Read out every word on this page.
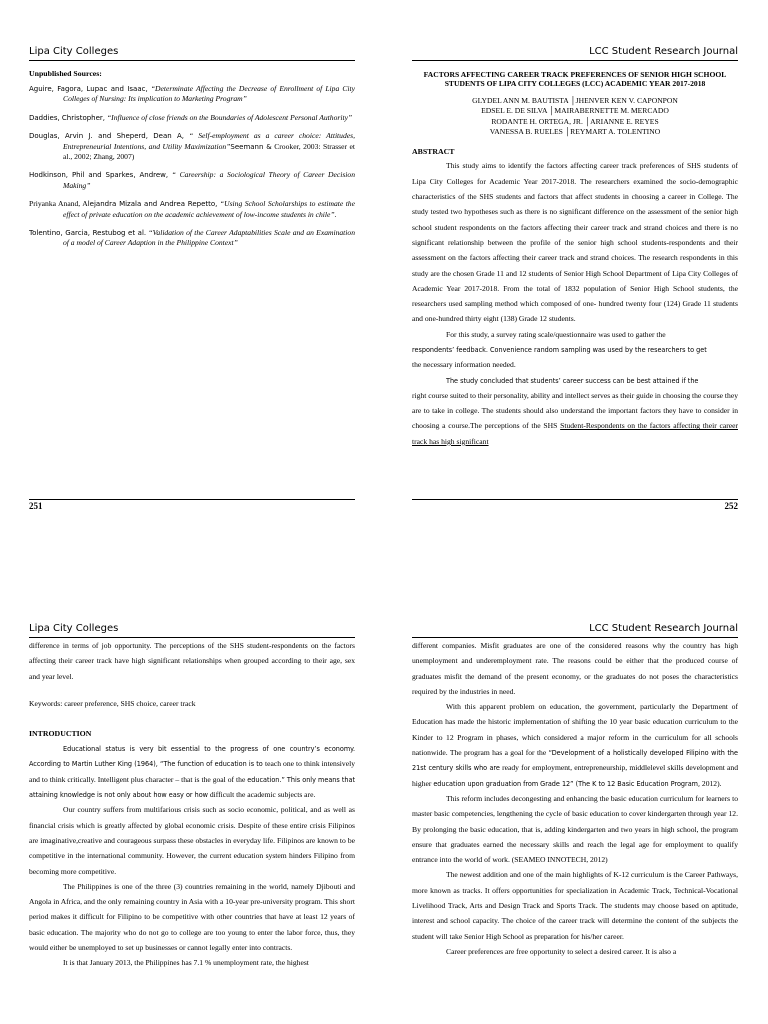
Lipa City Colleges
Unpublished Sources:
Aguire, Fagora, Lupac and Isaac, “Determinate Affecting the Decrease of Enrollment of Lipa City Colleges of Nursing: Its implication to Marketing Program”
Daddies, Christopher, “Influence of close friends on the Boundaries of Adolescent Personal Authority”
Douglas, Arvin J. and Sheperd, Dean A, “ Self-employment as a career choice: Attitudes, Entrepreneurial Intentions, and Utility Maximization”Seemann & Crooker, 2003: Strasser et al., 2002; Zhang, 2007)
Hodkinson, Phil and Sparkes, Andrew, “ Careership: a Sociological Theory of Career Decision Making”
Priyanka Anand, Alejandra Mizala and Andrea Repetto, “Using School Scholarships to estimate the effect of private education on the academic achievement of low-income students in chile”.
Tolentino, Garcia, Restubog et al. “Validation of the Career Adaptabilities Scale and an Examination of a model of Career Adaption in the Philippine Context”
251
LCC Student Research Journal
FACTORS AFFECTING CAREER TRACK PREFERENCES OF SENIOR HIGH SCHOOL STUDENTS OF LIPA CITY COLLEGES (LCC) ACADEMIC YEAR 2017-2018
GLYDEL ANN M. BAUTISTA │JHENVER KEN V. CAPONPON
EDSEL E. DE SILVA │MAIRABERNETTE M. MERCADO
RODANTE H. ORTEGA, JR. │ARIANNE E. REYES
VANESSA B. RUELES │REYMART A. TOLENTINO
ABSTRACT

This study aims to identify the factors affecting career track preferences of SHS students of Lipa City Colleges for Academic Year 2017-2018. The researchers examined the socio-demographic characteristics of the SHS students and factors that affect students in choosing a career in College. The study tested two hypotheses such as there is no significant difference on the assessment of the senior high school student respondents on the factors affecting their career track and strand choices and there is no significant relationship between the profile of the senior high school students-respondents and their assessment on the factors affecting their career track and strand choices. The research respondents in this study are the chosen Grade 11 and 12 students of Senior High School Department of Lipa City Colleges of Academic Year 2017-2018. From the total of 1832 population of Senior High School students, the researchers used sampling method which composed of one- hundred twenty four (124) Grade 11 students and one-hundred thirty eight (138) Grade 12 students.

For this study, a survey rating scale/questionnaire was used to gather the

respondents’ feedback. Convenience random sampling was used by the researchers to get

the necessary information needed.

The study concluded that students’ career success can be best attained if the

right course suited to their personality, ability and intellect serves as their guide in choosing the course they are to take in college. The students should also understand the important factors they have to consider in choosing a course.The perceptions of the SHS Student-Respondents on the factors affecting their career track has high significant

252
Lipa City Colleges

difference in terms of job opportunity. The perceptions of the SHS student-respondents on the factors affecting their career track have high significant relationships when grouped according to their age, sex and year level.

Keywords: career preference, SHS choice, career track

INTRODUCTION

Educational status is very bit essential to the progress of one country’s economy. According to Martin Luther King (1964), “The function of education is to teach one to think intensively and to think critically. Intelligent plus character – that is the goal of the education.” This only means that attaining knowledge is not only about how easy or how difficult the academic subjects are.

Our country suffers from multifarious crisis such as socio economic, political, and as well as financial crisis which is greatly affected by global economic crisis. Despite of these entire crisis Filipinos are imaginative,creative and courageous surpass these obstacles in everyday life. Filipinos are known to be competitive in the international community. However, the current education system hinders Filipino from becoming more competitive.

The Philippines is one of the three (3) countries remaining in the world, namely Djibouti and Angola in Africa, and the only remaining country in Asia with a 10-year pre-university program. This short period makes it difficult for Filipino to be competitive with other countries that have at least 12 years of basic education. The majority who do not go to college are too young to enter the labor force, thus, they would either be unemployed to set up businesses or cannot legally enter into contracts.

It is that January 2013, the Philippines has 7.1 % unemployment rate, the highest

LCC Student Research Journal

different companies. Misfit graduates are one of the considered reasons why the country has high unemployment and underemployment rate. The reasons could be either that the produced course of graduates misfit the demand of the present economy, or the graduates do not poses the characteristics required by the industries in need.

With this apparent problem on education, the government, particularly the Department of Education has made the historic implementation of shifting the 10 year basic education curriculum to the Kinder to 12 Program in phases, which considered a major reform in the curriculum for all schools nationwide. The program has a goal for the “Development of a holistically developed Filipino with the 21st century skills who are ready for employment, entrepreneurship, middlelevel skills development and higher education upon graduation from Grade 12” (The K to 12 Basic Education Program, 2012).

This reform includes decongesting and enhancing the basic education curriculum for learners to master basic competencies, lengthening the cycle of basic education to cover kindergarten through year 12. By prolonging the basic education, that is, adding kindergarten and two years in high school, the program ensure that graduates earned the necessary skills and reach the legal age for employment to qualify entrance into the world of work. (SEAMEO INNOTECH, 2012)

The newest addition and one of the main highlights of K-12 curriculum is the Career Pathways, more known as tracks. It offers opportunities for specialization in Academic Track, Technical-Vocational Livelihood Track, Arts and Design Track and Sports Track. The students may choose based on aptitude, interest and school capacity. The choice of the career track will determine the content of the subjects the student will take Senior High School as preparation for his/her career.

Career preferences are free opportunity to select a desired career. It is also a
